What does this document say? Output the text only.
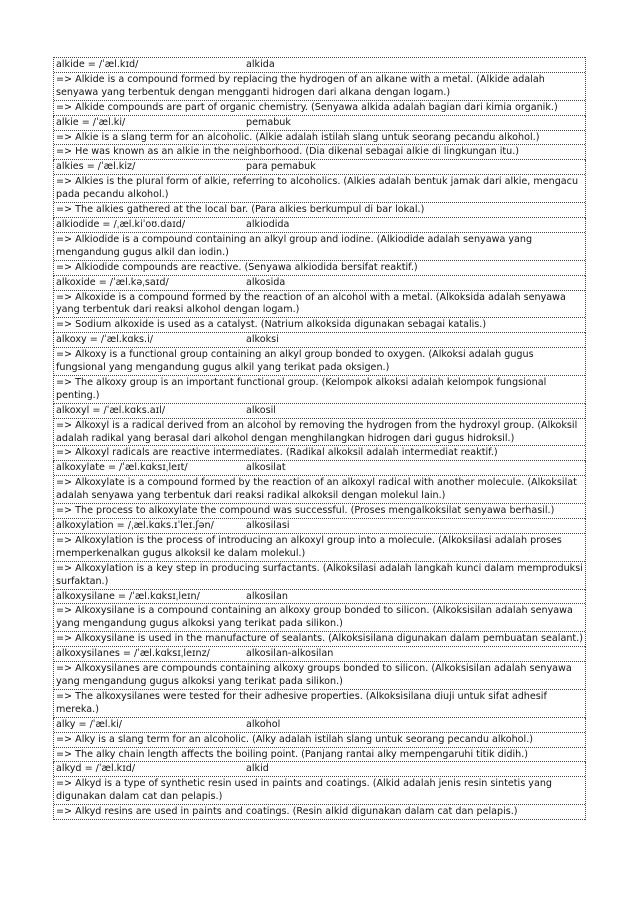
alkide = /ˈæl.kɪd/	alkida
=> Alkide is a compound formed by replacing the hydrogen of an alkane with a metal. (Alkide adalah senyawa yang terbentuk dengan mengganti hidrogen dari alkana dengan logam.)
=> Alkide compounds are part of organic chemistry. (Senyawa alkida adalah bagian dari kimia organik.)
alkie = /ˈæl.ki/	pemabuk
=> Alkie is a slang term for an alcoholic. (Alkie adalah istilah slang untuk seorang pecandu alkohol.)
=> He was known as an alkie in the neighborhood. (Dia dikenal sebagai alkie di lingkungan itu.)
alkies = /ˈæl.kiz/	para pemabuk
=> Alkies is the plural form of alkie, referring to alcoholics. (Alkies adalah bentuk jamak dari alkie, mengacu pada pecandu alkohol.)
=> The alkies gathered at the local bar. (Para alkies berkumpul di bar lokal.)
alkiodide = /ˌæl.kiˈoʊ.daɪd/	alkiodida
=> Alkiodide is a compound containing an alkyl group and iodine. (Alkiodide adalah senyawa yang mengandung gugus alkil dan iodin.)
=> Alkiodide compounds are reactive. (Senyawa alkiodida bersifat reaktif.)
alkoxide = /ˈæl.kəˌsaɪd/	alkosida
=> Alkoxide is a compound formed by the reaction of an alcohol with a metal. (Alkoksida adalah senyawa yang terbentuk dari reaksi alkohol dengan logam.)
=> Sodium alkoxide is used as a catalyst. (Natrium alkoksida digunakan sebagai katalis.)
alkoxy = /ˈæl.kɑks.i/	alkoksi
=> Alkoxy is a functional group containing an alkyl group bonded to oxygen. (Alkoksi adalah gugus fungsional yang mengandung gugus alkil yang terikat pada oksigen.)
=> The alkoxy group is an important functional group. (Kelompok alkoksi adalah kelompok fungsional penting.)
alkoxyl = /ˈæl.kɑks.aɪl/	alkosil
=> Alkoxyl is a radical derived from an alcohol by removing the hydrogen from the hydroxyl group. (Alkoksil adalah radikal yang berasal dari alkohol dengan menghilangkan hidrogen dari gugus hidroksil.)
=> Alkoxyl radicals are reactive intermediates. (Radikal alkoksil adalah intermediat reaktif.)
alkoxylate = /ˈæl.kɑksɪˌleɪt/	alkosilat
=> Alkoxylate is a compound formed by the reaction of an alkoxyl radical with another molecule. (Alkoksilat adalah senyawa yang terbentuk dari reaksi radikal alkoksil dengan molekul lain.)
=> The process to alkoxylate the compound was successful. (Proses mengalkoksilat senyawa berhasil.)
alkoxylation = /ˌæl.kɑks.ɪˈleɪ.ʃən/	alkosilasi
=> Alkoxylation is the process of introducing an alkoxyl group into a molecule. (Alkoksilasi adalah proses memperkenalkan gugus alkoksil ke dalam molekul.)
=> Alkoxylation is a key step in producing surfactants. (Alkoksilasi adalah langkah kunci dalam memproduksi surfaktan.)
alkoxysilane = /ˈæl.kɑksɪˌleɪn/	alkosilan
=> Alkoxysilane is a compound containing an alkoxy group bonded to silicon. (Alkoksisilan adalah senyawa yang mengandung gugus alkoksi yang terikat pada silikon.)
=> Alkoxysilane is used in the manufacture of sealants. (Alkoksisilana digunakan dalam pembuatan sealant.)
alkoxysilanes = /ˈæl.kɑksɪˌleɪnz/	alkosilan-alkosilan
=> Alkoxysilanes are compounds containing alkoxy groups bonded to silicon. (Alkoksisilan adalah senyawa yang mengandung gugus alkoksi yang terikat pada silikon.)
=> The alkoxysilanes were tested for their adhesive properties. (Alkoksisilana diuji untuk sifat adhesif mereka.)
alky = /ˈæl.ki/	alkohol
=> Alky is a slang term for an alcoholic. (Alky adalah istilah slang untuk seorang pecandu alkohol.)
=> The alky chain length affects the boiling point. (Panjang rantai alky mempengaruhi titik didih.)
alkyd = /ˈæl.kɪd/	alkid
=> Alkyd is a type of synthetic resin used in paints and coatings. (Alkid adalah jenis resin sintetis yang digunakan dalam cat dan pelapis.)
=> Alkyd resins are used in paints and coatings. (Resin alkid digunakan dalam cat dan pelapis.)
